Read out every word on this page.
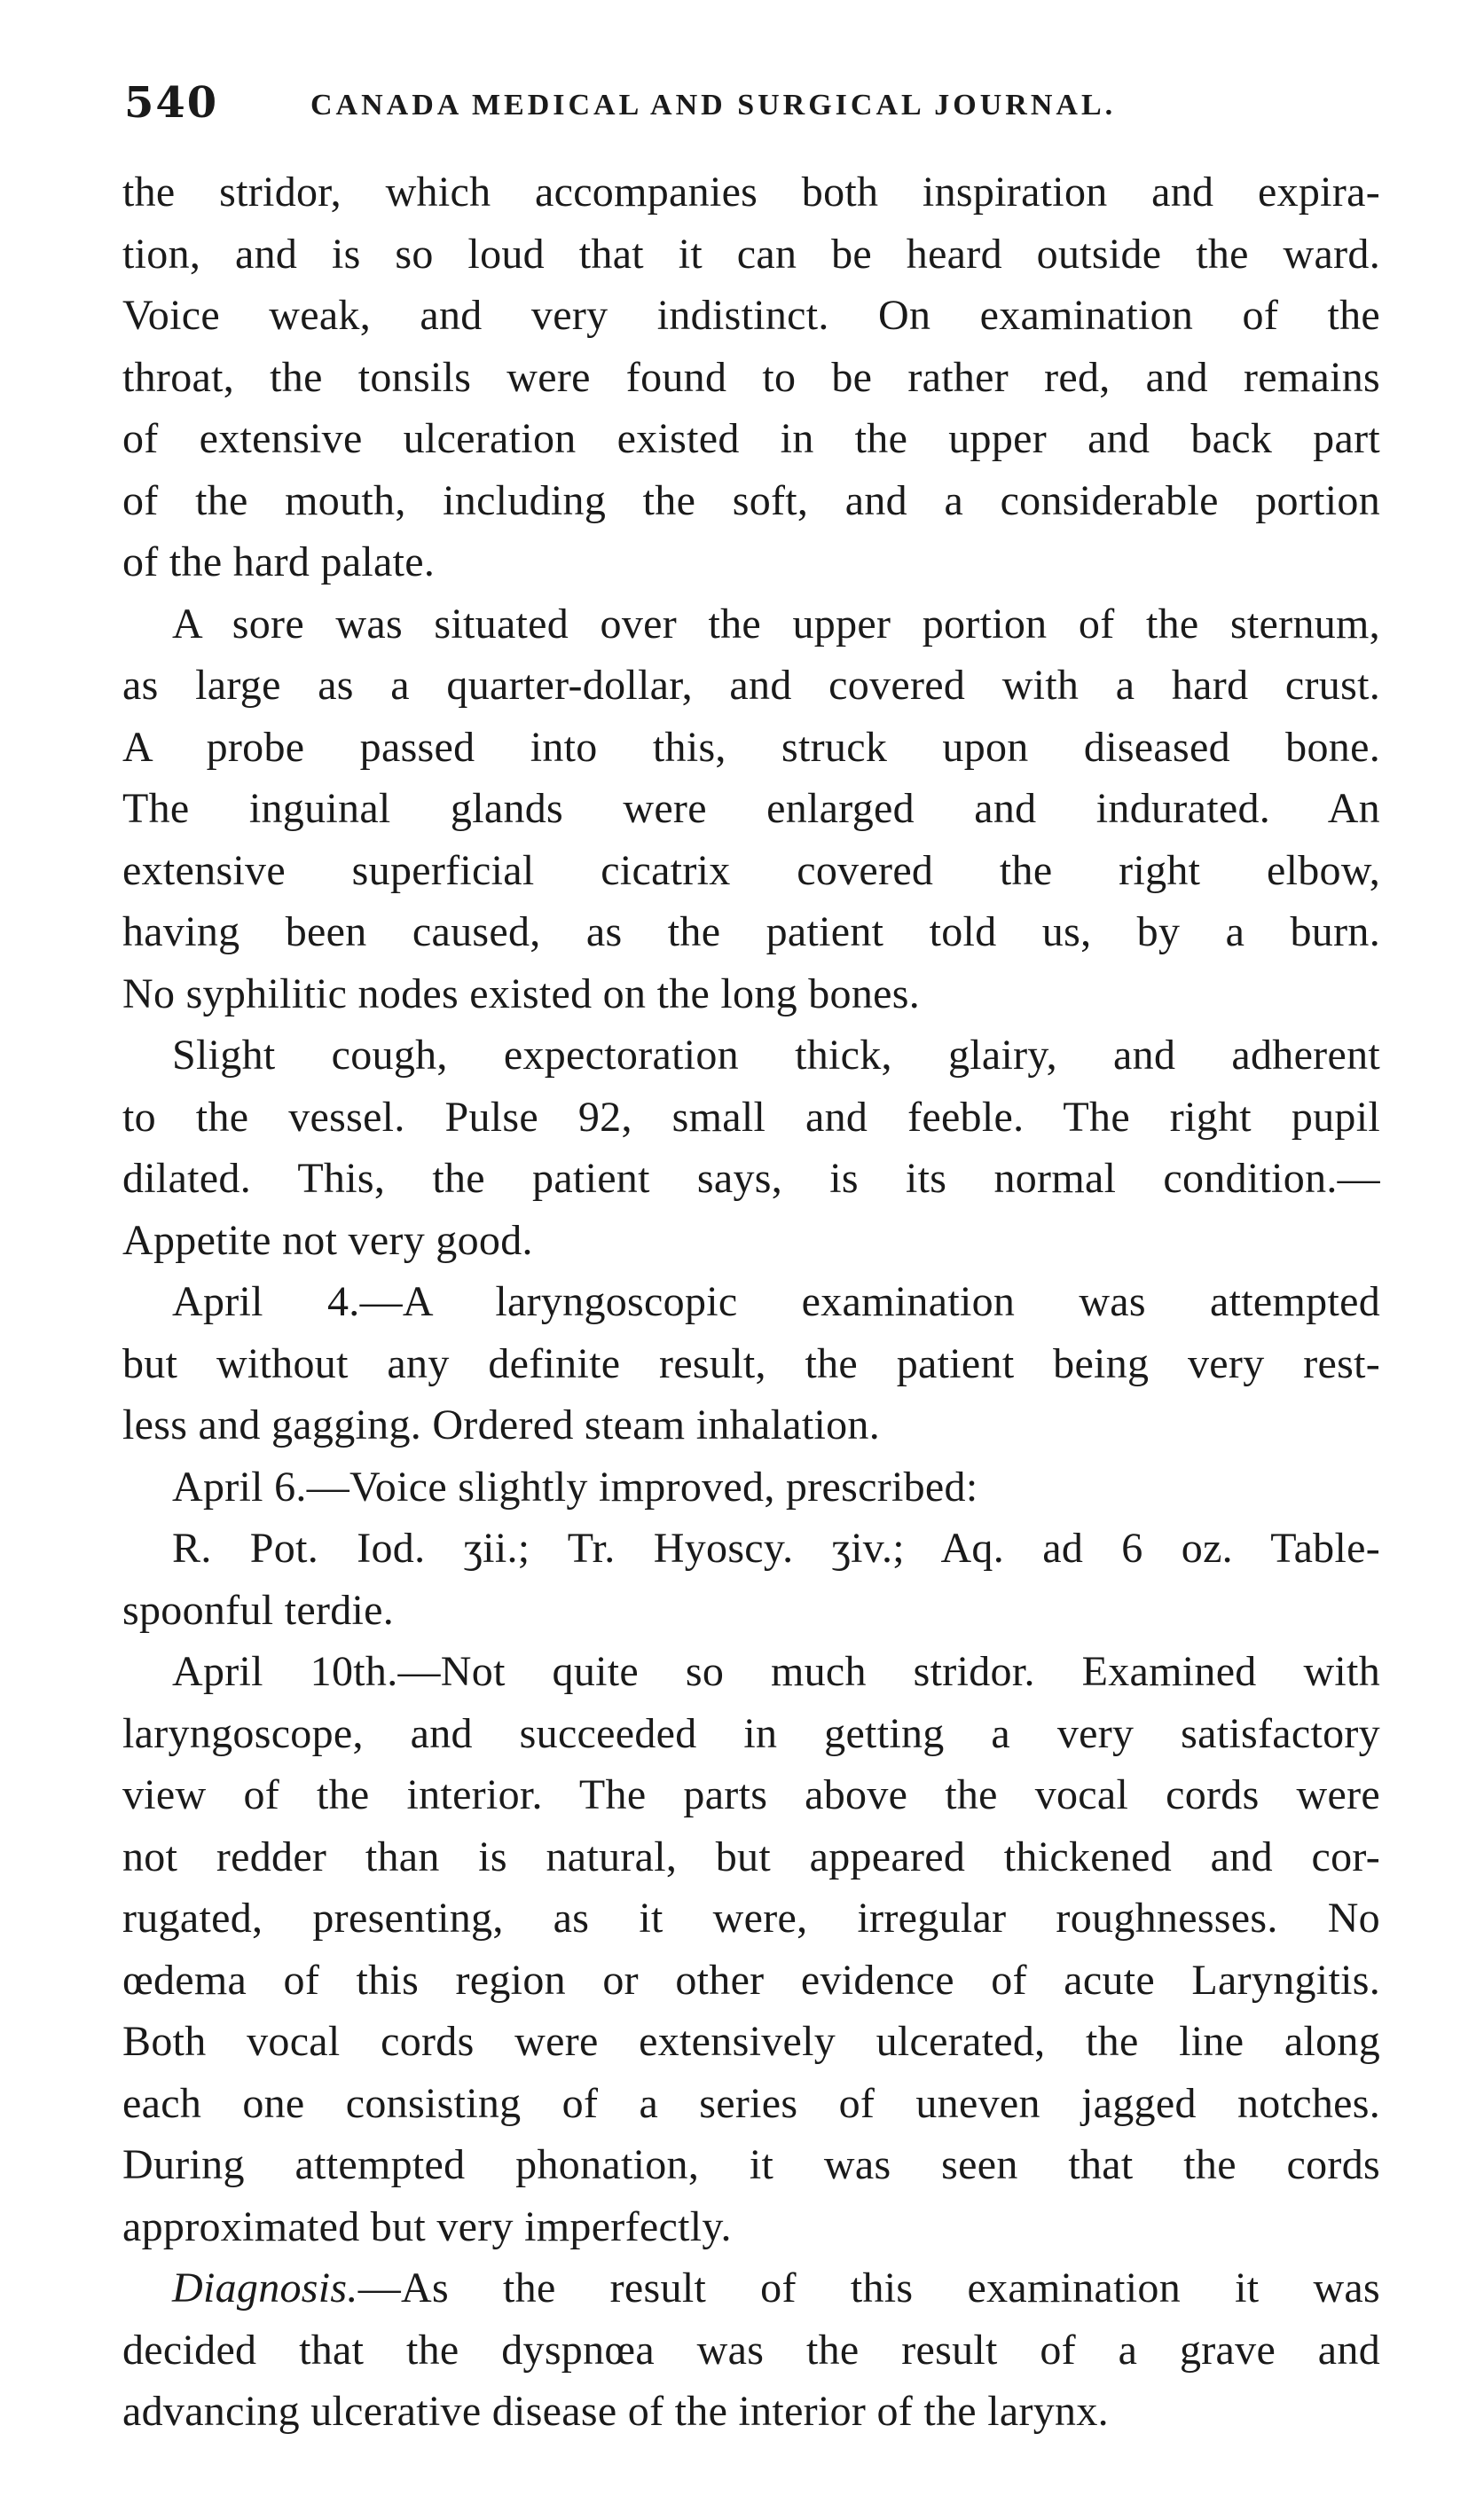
540	CANADA MEDICAL AND SURGICAL JOURNAL.
the stridor, which accompanies both inspiration and expira-
tion, and is so loud that it can be heard outside the ward.
Voice weak, and very indistinct. On examination of the
throat, the tonsils were found to be rather red, and remains
of extensive ulceration existed in the upper and back part
of the mouth, including the soft, and a considerable portion
of the hard palate.
A sore was situated over the upper portion of the sternum,
as large as a quarter-dollar, and covered with a hard crust.
A probe passed into this, struck upon diseased bone.
The inguinal glands were enlarged and indurated. An
extensive superficial cicatrix covered the right elbow,
having been caused, as the patient told us, by a burn.
No syphilitic nodes existed on the long bones.
Slight cough, expectoration thick, glairy, and adherent
to the vessel. Pulse 92, small and feeble. The right pupil
dilated. This, the patient says, is its normal condition.—
Appetite not very good.
April 4.—A laryngoscopic examination was attempted
but without any definite result, the patient being very rest-
less and gagging. Ordered steam inhalation.
April 6.—Voice slightly improved, prescribed:
R. Pot. Iod. ʒii.; Tr. Hyoscy. ʒiv.; Aq. ad 6 oz. Table-
spoonful terdie.
April 10th.—Not quite so much stridor. Examined with
laryngoscope, and succeeded in getting a very satisfactory
view of the interior. The parts above the vocal cords were
not redder than is natural, but appeared thickened and cor-
rugated, presenting, as it were, irregular roughnesses. No
œdema of this region or other evidence of acute Laryngitis.
Both vocal cords were extensively ulcerated, the line along
each one consisting of a series of uneven jagged notches.
During attempted phonation, it was seen that the cords
approximated but very imperfectly.
Diagnosis.—As the result of this examination it was
decided that the dyspnœa was the result of a grave and
advancing ulcerative disease of the interior of the larynx.
